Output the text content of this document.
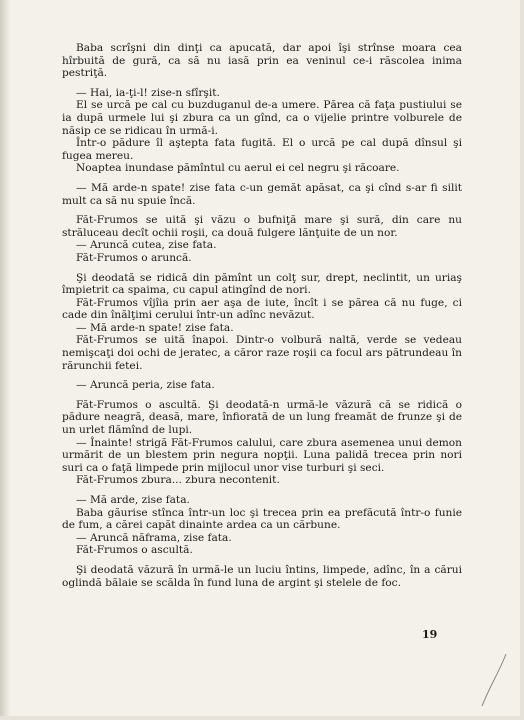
Baba scrîşni din dinţi ca apucată, dar apoi îşi strînse moara cea hîrbuită de gură, ca să nu iasă prin ea veninul ce-i răscolea inima pestriţă.

— Hai, ia-ţi-l! zise-n sfîrşit.

El se urcă pe cal cu buzduganul de-a umere. Părea că faţa pustiului se ia după urmele lui şi zbura ca un gînd, ca o vijelie printre volburele de năsip ce se ridicau în urmă-i.

Într-o pădure îl aştepta fata fugită. El o urcă pe cal după dînsul şi fugea mereu.

Noaptea inundase pămîntul cu aerul ei cel negru şi răcoare.

— Mă arde-n spate! zise fata c-un gemăt apăsat, ca şi cînd s-ar fi silit mult ca să nu spuie încă.

Făt-Frumos se uită şi văzu o bufniţă mare şi sură, din care nu străluceau decît ochii roşii, ca două fulgere lănţuite de un nor.

— Aruncă cutea, zise fata.

Făt-Frumos o aruncă.

Şi deodată se ridică din pămînt un colţ sur, drept, neclintit, un uriaş împietrit ca spaima, cu capul atingînd de nori.

Făt-Frumos vîjîia prin aer aşa de iute, încît i se părea că nu fuge, ci cade din înălţimi cerului într-un adînc nevăzut.

— Mă arde-n spate! zise fata.

Făt-Frumos se uită înapoi. Dintr-o volbură naltă, verde se vedeau nemişcaţi doi ochi de jeratec, a căror raze roşii ca focul ars pătrundeau în rărunchii fetei.

— Aruncă peria, zise fata.

Făt-Frumos o ascultă. Şi deodată-n urmă-le văzură că se ridică o pădure neagră, deasă, mare, înfiorată de un lung freamăt de frunze şi de un urlet flămînd de lupi.

— Înainte! strigă Făt-Frumos calului, care zbura asemenea unui demon urmărit de un blestem prin negura nopţii. Luna palidă trecea prin nori suri ca o faţă limpede prin mijlocul unor vise turburi şi seci.

Făt-Frumos zbura... zbura necontenit.

— Mă arde, zise fata.

Baba găurise stînca într-un loc şi trecea prin ea prefăcută într-o funie de fum, a cărei capăt dinainte ardea ca un cărbune.

— Aruncă năframa, zise fata.

Făt-Frumos o ascultă.

Şi deodată văzură în urmă-le un luciu întins, limpede, adînc, în a cărui oglindă bălaie se scălda în fund luna de argint şi stelele de foc.

19
